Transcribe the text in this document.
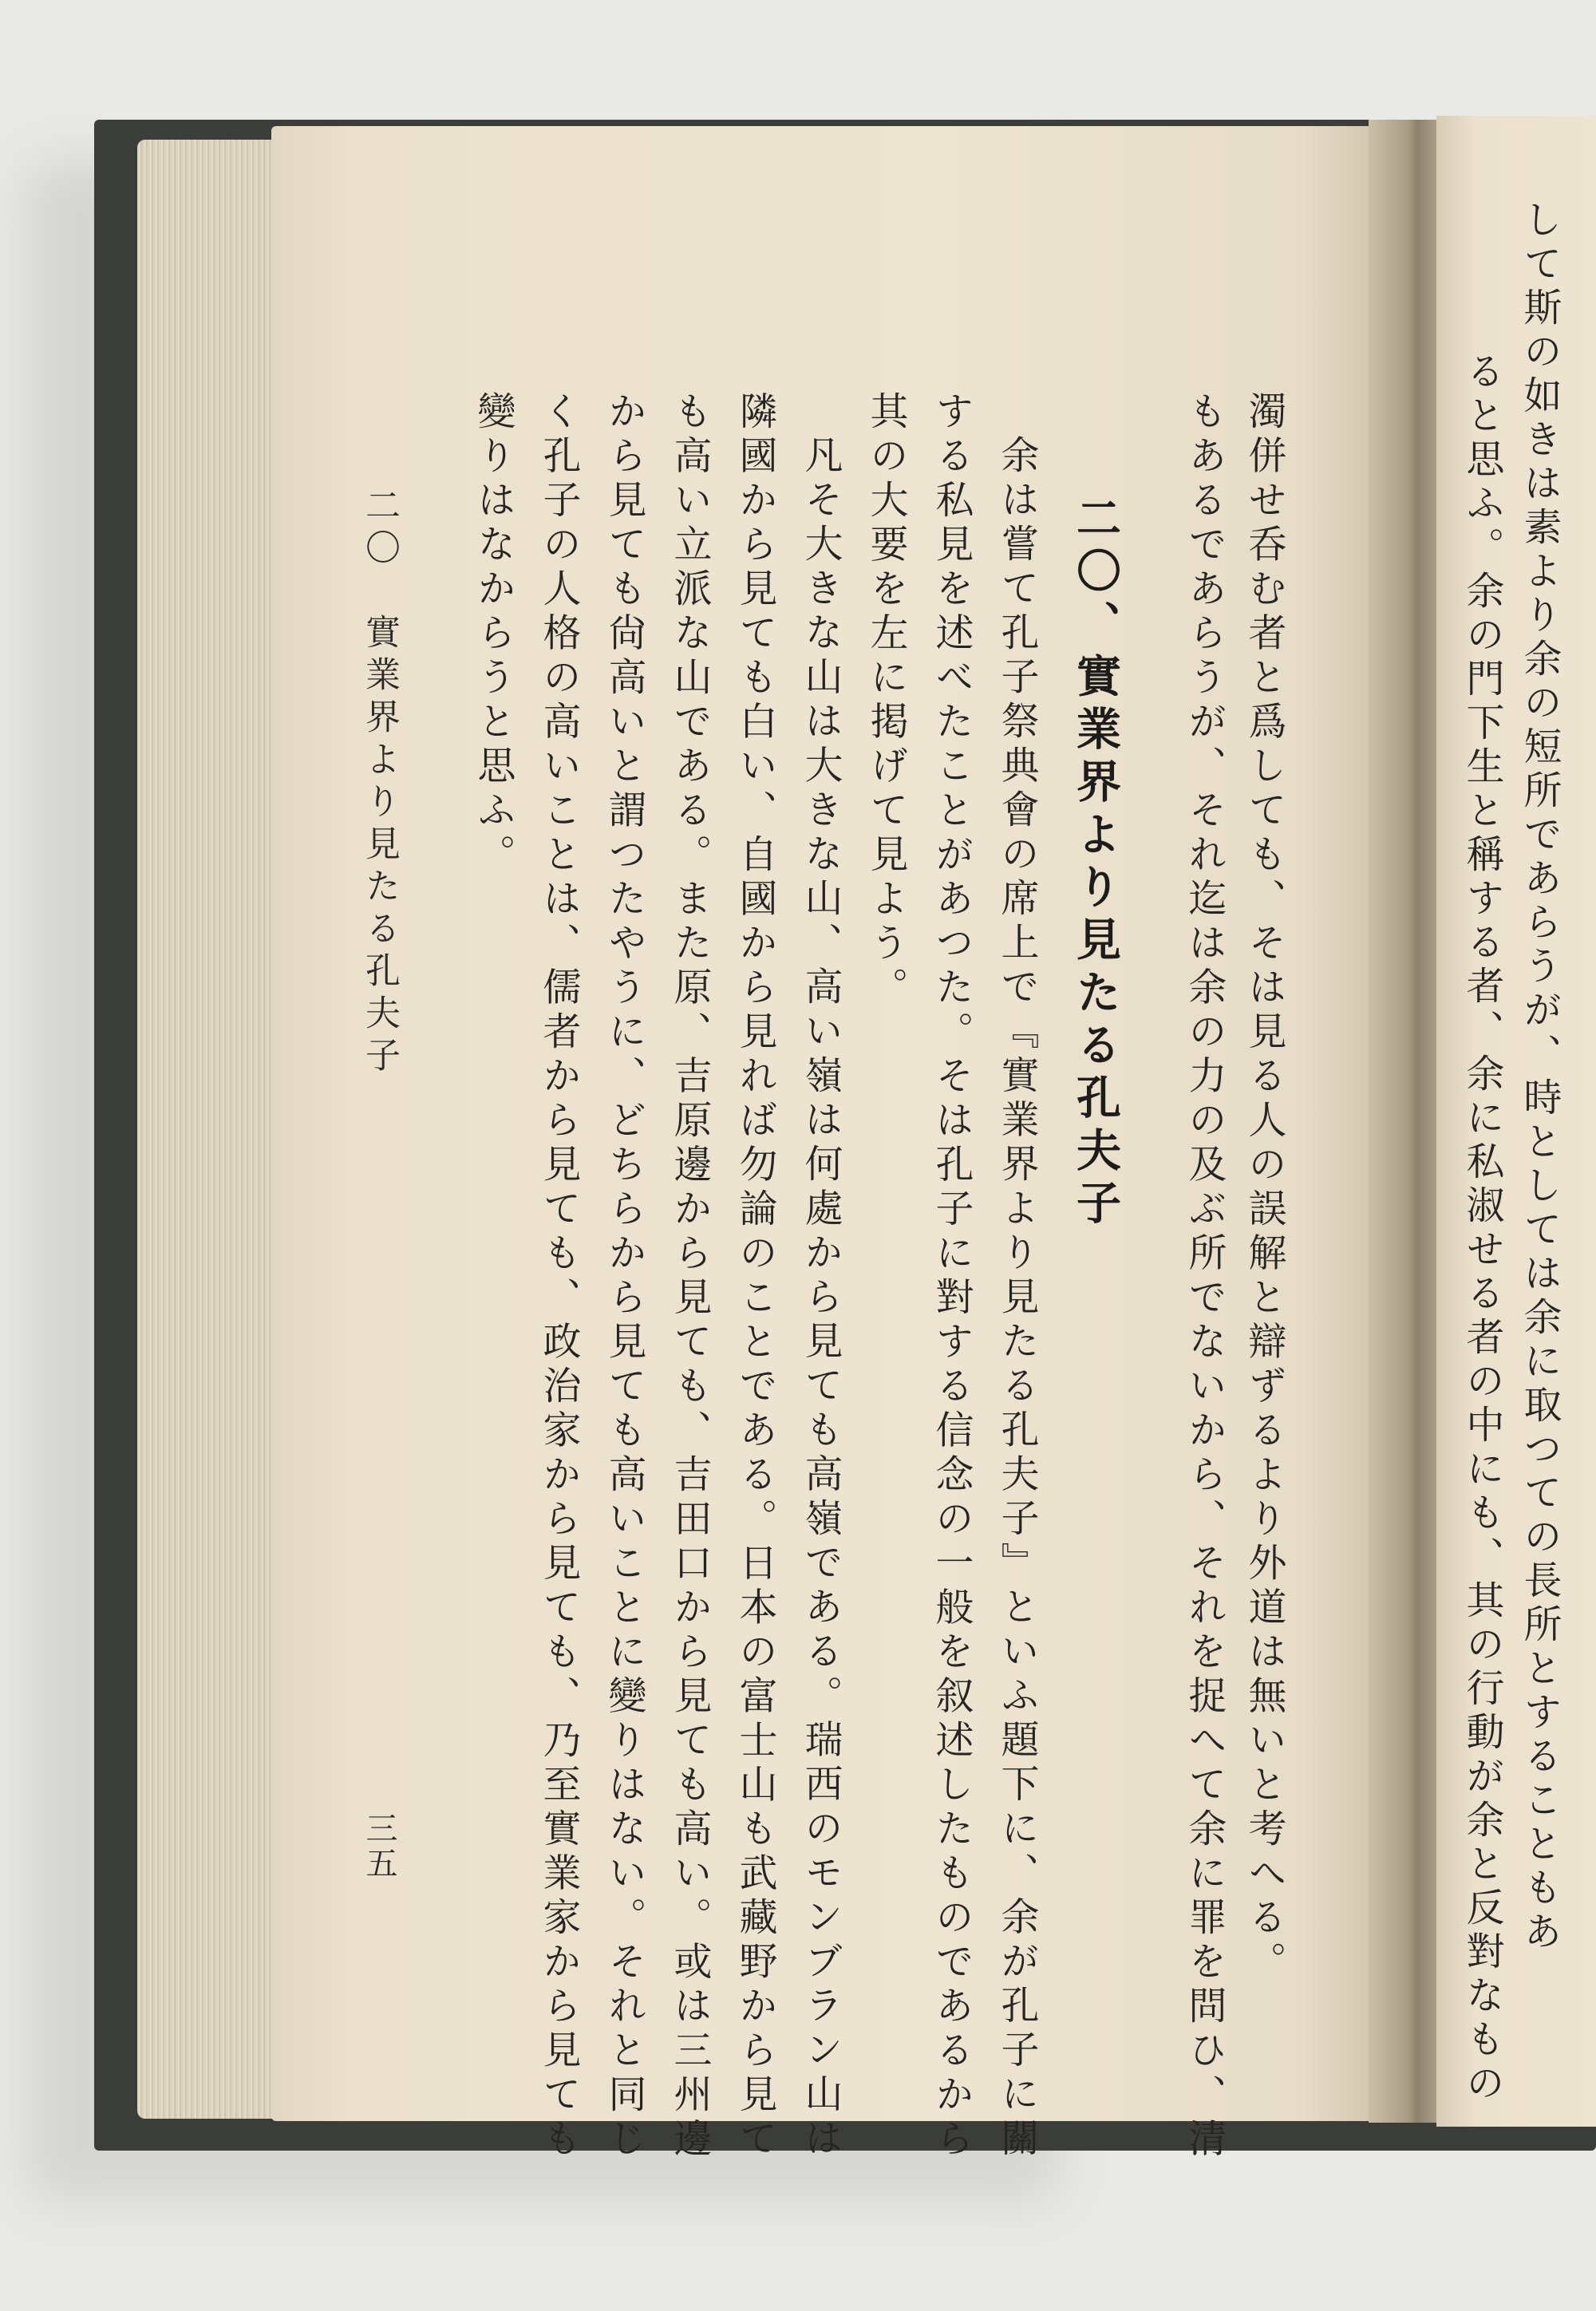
して斯の如きは素より余の短所であらうが、時としては余に取つての長所とすることもあ
ると思ふ。余の門下生と稱する者、余に私淑せる者の中にも、其の行動が余と反對なもの
濁併せ呑む者と爲しても、そは見る人の誤解と辯ずるより外道は無いと考へる。
もあるであらうが、それ迄は余の力の及ぶ所でないから、それを捉へて余に罪を問ひ、清
二〇、實業界より見たる孔夫子
余は嘗て孔子祭典會の席上で『實業界より見たる孔夫子』といふ題下に、余が孔子に關
する私見を述べたことがあつた。そは孔子に對する信念の一般を叙述したものであるから
其の大要を左に掲げて見よう。
凡そ大きな山は大きな山、高い嶺は何處から見ても高嶺である。瑞西のモンブラン山は
隣國から見ても白い、自國から見れば勿論のことである。日本の富士山も武藏野から見て
も高い立派な山である。また原、吉原邊から見ても、吉田口から見ても高い。或は三州邊
から見ても尙高いと謂つたやうに、どちらから見ても高いことに變りはない。それと同じ
く孔子の人格の高いことは、儒者から見ても、政治家から見ても、乃至實業家から見ても
變りはなからうと思ふ。
二〇　實業界より見たる孔夫子
三五
